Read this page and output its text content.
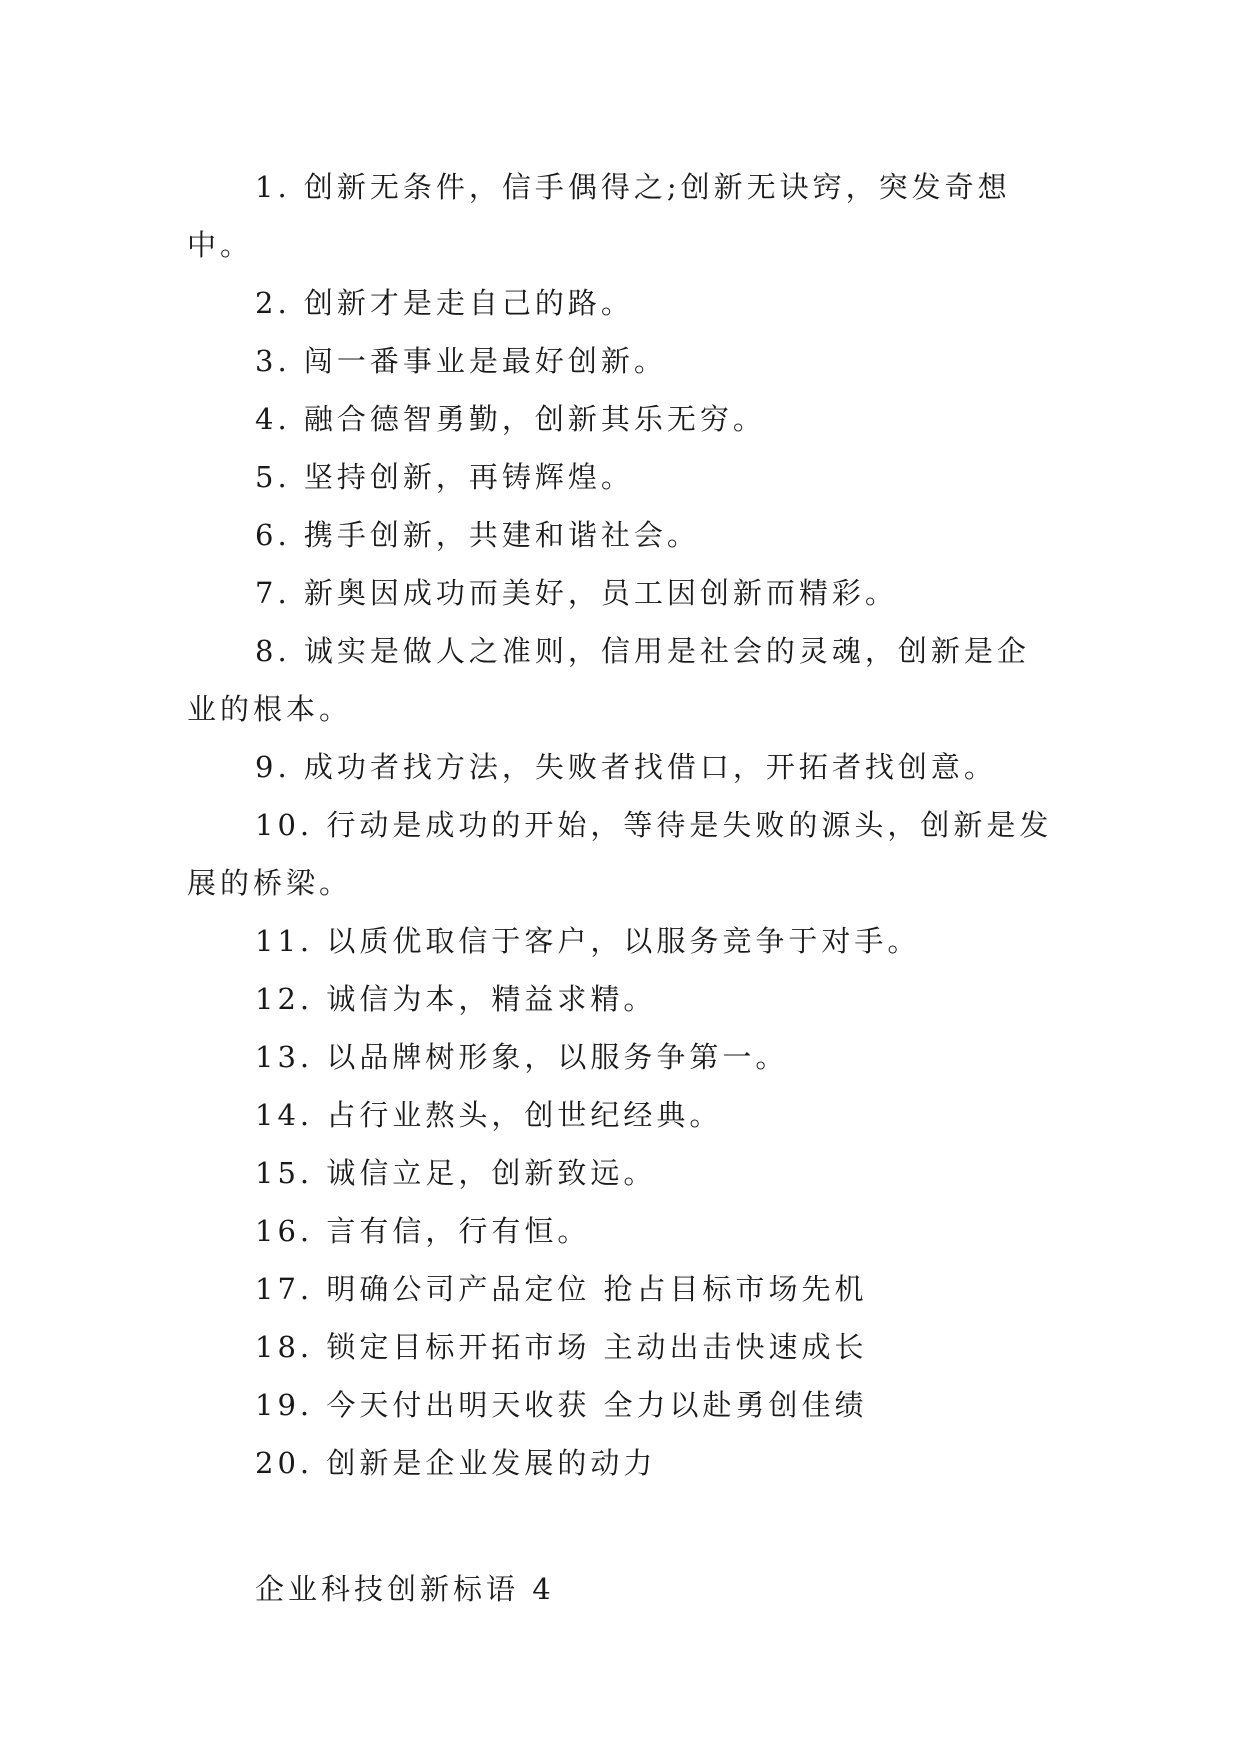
1. 创新无条件，信手偶得之;创新无诀窍，突发奇想中。

2. 创新才是走自己的路。

3. 闯一番事业是最好创新。

4. 融合德智勇勤，创新其乐无穷。

5. 坚持创新，再铸辉煌。

6. 携手创新，共建和谐社会。

7. 新奥因成功而美好，员工因创新而精彩。

8. 诚实是做人之准则，信用是社会的灵魂，创新是企业的根本。

9. 成功者找方法，失败者找借口，开拓者找创意。

10. 行动是成功的开始，等待是失败的源头，创新是发展的桥梁。

11. 以质优取信于客户，以服务竞争于对手。

12. 诚信为本，精益求精。

13. 以品牌树形象，以服务争第一。

14. 占行业熬头，创世纪经典。

15. 诚信立足，创新致远。

16. 言有信，行有恒。

17. 明确公司产品定位 抢占目标市场先机

18. 锁定目标开拓市场 主动出击快速成长

19. 今天付出明天收获 全力以赴勇创佳绩

20. 创新是企业发展的动力

企业科技创新标语 4
